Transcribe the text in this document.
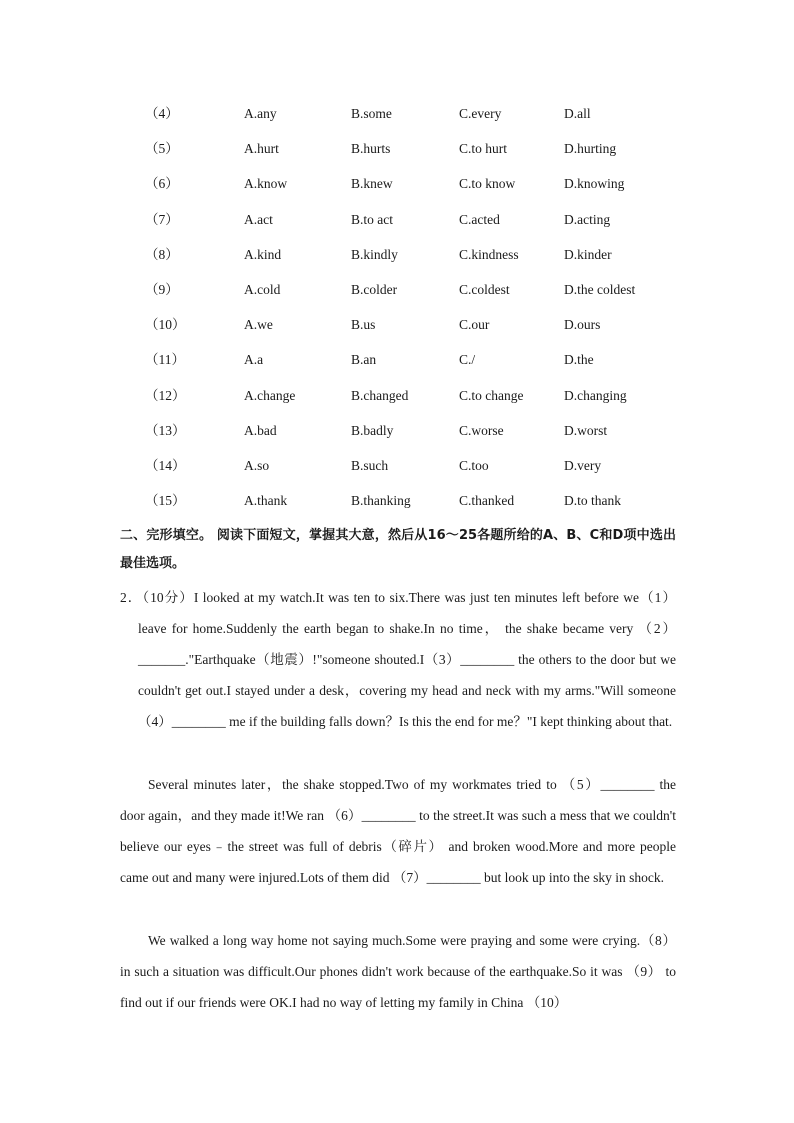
（4）	A.any	B.some	C.every	D.all
（5）	A.hurt	B.hurts	C.to hurt	D.hurting
（6）	A.know	B.knew	C.to know	D.knowing
（7）	A.act	B.to act	C.acted	D.acting
（8）	A.kind	B.kindly	C.kindness	D.kinder
（9）	A.cold	B.colder	C.coldest	D.the coldest
（10）	A.we	B.us	C.our	D.ours
（11）	A.a	B.an	C./	D.the
（12）	A.change	B.changed	C.to change	D.changing
（13）	A.bad	B.badly	C.worse	D.worst
（14）	A.so	B.such	C.too	D.very
（15）	A.thank	B.thanking	C.thanked	D.to thank
二、完形填空。 阅读下面短文，掌握其大意，然后从16～25各题所给的A、B、C和D项中选出最佳选项。

2．（10分）I looked at my watch.It was ten to six.There was just ten minutes left before we（1）leave for home.Suddenly the earth began to shake.In no time， the shake became very （2）_______."Earthquake（地震）!"someone shouted.I（3）________ the others to the door but we couldn't get out.I stayed under a desk，covering my head and neck with my arms."Will someone （4）________ me if the building falls down？Is this the end for me？"I kept thinking about that.

Several minutes later，the shake stopped.Two of my workmates tried to （5）________ the door again，and they made it!We ran （6）________ to the street.It was such a mess that we couldn't believe our eyes﹣the street was full of debris（碎片） and broken wood.More and more people came out and many were injured.Lots of them did （7）________ but look up into the sky in shock.

We walked a long way home not saying much.Some were praying and some were crying.（8） in such a situation was difficult.Our phones didn't work because of the earthquake.So it was （9） to find out if our friends were OK.I had no way of letting my family in China （10）
